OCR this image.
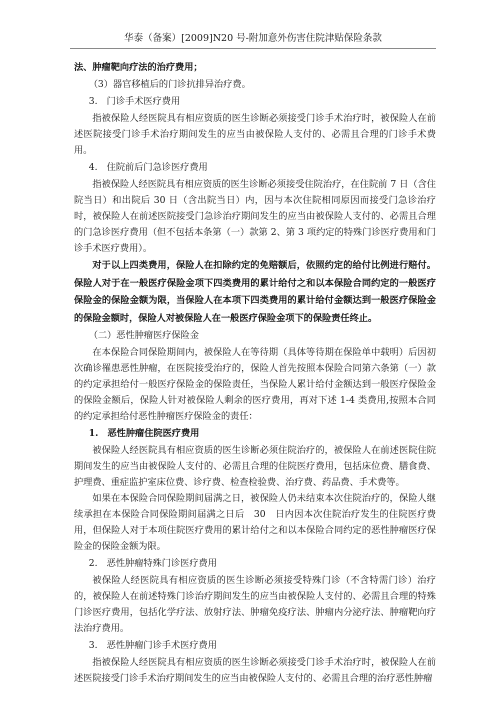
华泰（备案）[2009]N20 号-附加意外伤害住院津贴保险条款

法、肿瘤靶向疗法的治疗费用；

（3）器官移植后的门诊抗排异治疗费。

3.　门诊手术医疗费用

指被保险人经医院具有相应资质的医生诊断必须接受门诊手术治疗时，被保险人在前述医院接受门诊手术治疗期间发生的应当由被保险人支付的、必需且合理的门诊手术费用。

4.　住院前后门急诊医疗费用

指被保险人经医院具有相应资质的医生诊断必须接受住院治疗，在住院前 7 日（含住院当日）和出院后 30 日（含出院当日）内，因与本次住院相同原因而接受门急诊治疗时，被保险人在前述医院接受门急诊治疗期间发生的应当由被保险人支付的、必需且合理的门急诊医疗费用（但不包括本条第（一）款第 2、第 3 项约定的特殊门诊医疗费用和门诊手术医疗费用）。

对于以上四类费用，保险人在扣除约定的免赔额后，依照约定的给付比例进行赔付。保险人对于在一般医疗保险金项下四类费用的累计给付之和以本保险合同约定的一般医疗保险金的保险金额为限，当保险人在本项下四类费用的累计给付金额达到一般医疗保险金的保险金额时，保险人对被保险人在一般医疗保险金项下的保险责任终止。

（二）恶性肿瘤医疗保险金

在本保险合同保险期间内，被保险人在等待期（具体等待期在保险单中载明）后因初次确诊罹患恶性肿瘤，在医院接受治疗的，保险人首先按照本保险合同第六条第（一）款的约定承担给付一般医疗保险金的保险责任，当保险人累计给付金额达到一般医疗保险金的保险金额后，保险人针对被保险人剩余的医疗费用，再对下述 1-4 类费用,按照本合同的约定承担给付恶性肿瘤医疗保险金的责任：

1.　恶性肿瘤住院医疗费用

被保险人经医院具有相应资质的医生诊断必须住院治疗的，被保险人在前述医院住院期间发生的应当由被保险人支付的、必需且合理的住院医疗费用，包括床位费、膳食费、护理费、重症监护室床位费、诊疗费、检查检验费、治疗费、药品费、手术费等。

如果在本保险合同保险期间届满之日，被保险人仍未结束本次住院治疗的，保险人继续承担在本保险合同保险期间届满之日后　30　日内因本次住院治疗发生的住院医疗费用，但保险人对于本项住院医疗费用的累计给付之和以本保险合同约定的恶性肿瘤医疗保险金的保险金额为限。

2.　恶性肿瘤特殊门诊医疗费用

被保险人经医院具有相应资质的医生诊断必须接受特殊门诊（不含特需门诊）治疗的，被保险人在前述特殊门诊治疗期间发生的应当由被保险人支付的、必需且合理的特殊门诊医疗费用，包括化学疗法、放射疗法、肿瘤免疫疗法、肿瘤内分泌疗法、肿瘤靶向疗法治疗费用。

3.　恶性肿瘤门诊手术医疗费用

指被保险人经医院具有相应资质的医生诊断必须接受门诊手术治疗时，被保险人在前述医院接受门诊手术治疗期间发生的应当由被保险人支付的、必需且合理的治疗恶性肿瘤
